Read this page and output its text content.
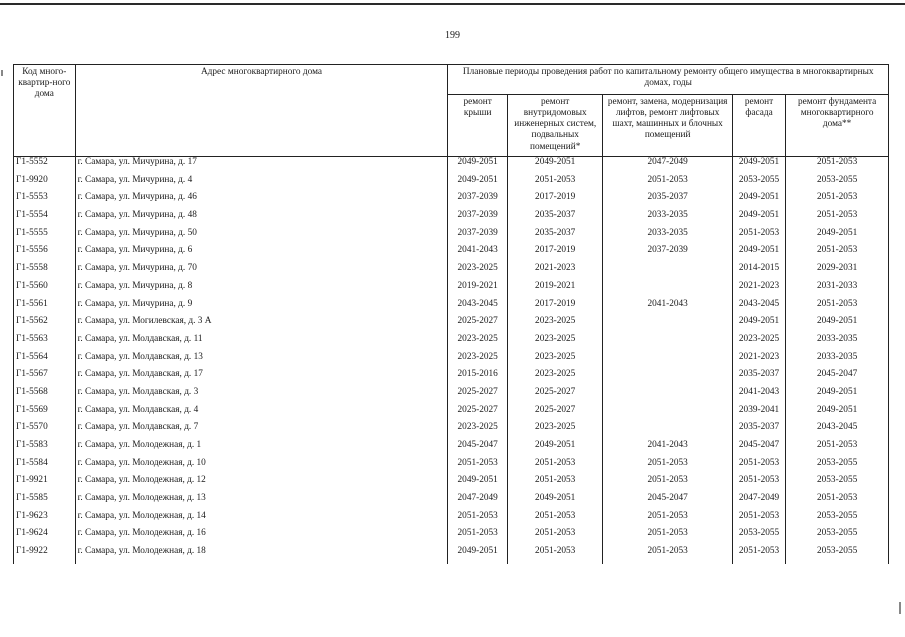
199
Код много-квартир-ного дома	Адрес многоквартирного дома	Плановые периоды проведения работ по капитальному ремонту общего имущества в многоквартирных домах, годы				
		ремонт крыши	ремонт внутридомовых инженерных систем, подвальных помещений*	ремонт, замена, модернизация лифтов, ремонт лифтовых шахт, машинных и блочных помещений	ремонт фасада	ремонт фундамента многоквартирного дома**
Г1-5552	г. Самара, ул. Мичурина, д. 17	2049-2051	2049-2051	2047-2049	2049-2051	2051-2053
Г1-9920	г. Самара, ул. Мичурина, д. 4	2049-2051	2051-2053	2051-2053	2053-2055	2053-2055
Г1-5553	г. Самара, ул. Мичурина, д. 46	2037-2039	2017-2019	2035-2037	2049-2051	2051-2053
Г1-5554	г. Самара, ул. Мичурина, д. 48	2037-2039	2035-2037	2033-2035	2049-2051	2051-2053
Г1-5555	г. Самара, ул. Мичурина, д. 50	2037-2039	2035-2037	2033-2035	2051-2053	2049-2051
Г1-5556	г. Самара, ул. Мичурина, д. 6	2041-2043	2017-2019	2037-2039	2049-2051	2051-2053
Г1-5558	г. Самара, ул. Мичурина, д. 70	2023-2025	2021-2023		2014-2015	2029-2031
Г1-5560	г. Самара, ул. Мичурина, д. 8	2019-2021	2019-2021		2021-2023	2031-2033
Г1-5561	г. Самара, ул. Мичурина, д. 9	2043-2045	2017-2019	2041-2043	2043-2045	2051-2053
Г1-5562	г. Самара, ул. Могилевская, д. 3 А	2025-2027	2023-2025		2049-2051	2049-2051
Г1-5563	г. Самара, ул. Молдавская, д. 11	2023-2025	2023-2025		2023-2025	2033-2035
Г1-5564	г. Самара, ул. Молдавская, д. 13	2023-2025	2023-2025		2021-2023	2033-2035
Г1-5567	г. Самара, ул. Молдавская, д. 17	2015-2016	2023-2025		2035-2037	2045-2047
Г1-5568	г. Самара, ул. Молдавская, д. 3	2025-2027	2025-2027		2041-2043	2049-2051
Г1-5569	г. Самара, ул. Молдавская, д. 4	2025-2027	2025-2027		2039-2041	2049-2051
Г1-5570	г. Самара, ул. Молдавская, д. 7	2023-2025	2023-2025		2035-2037	2043-2045
Г1-5583	г. Самара, ул. Молодежная, д. 1	2045-2047	2049-2051	2041-2043	2045-2047	2051-2053
Г1-5584	г. Самара, ул. Молодежная, д. 10	2051-2053	2051-2053	2051-2053	2051-2053	2053-2055
Г1-9921	г. Самара, ул. Молодежная, д. 12	2049-2051	2051-2053	2051-2053	2051-2053	2053-2055
Г1-5585	г. Самара, ул. Молодежная, д. 13	2047-2049	2049-2051	2045-2047	2047-2049	2051-2053
Г1-9623	г. Самара, ул. Молодежная, д. 14	2051-2053	2051-2053	2051-2053	2051-2053	2053-2055
Г1-9624	г. Самара, ул. Молодежная, д. 16	2051-2053	2051-2053	2051-2053	2053-2055	2053-2055
Г1-9922	г. Самара, ул. Молодежная, д. 18	2049-2051	2051-2053	2051-2053	2051-2053	2053-2055
